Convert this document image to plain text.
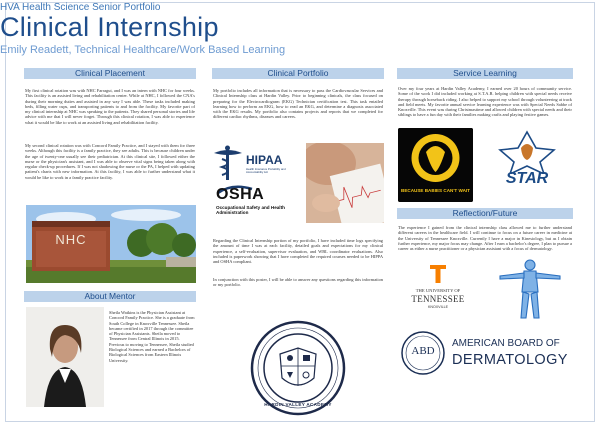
HVA Health Science Senior Portfolio
Clinical Internship
Emily Readett, Technical Healthcare/Work Based Learning
Clinical Placement
My first clinical rotation was with NHC Farragut, and I was an intern with NHC for four weeks. This facility is an assisted living and rehabilitation center. While at NHC, I followed the CNA's during their morning duties and assisted in any way I was able. These tasks included making beds, filling water cups, and transporting patients to and from the facility. My favorite part of my clinical internship at NHC was speaking to the patients. They shared personal stories and life advice with me that I will never forget. Through this clinical rotation, I was able to experience what it would be like to work at an assisted living and rehabilitation facility.
My second clinical rotation was with Concord Family Practice, and I stayed with them for three weeks. Although this facility is a family practice, they see adults. This is because children under the age of twenty-one usually see their pediatrician. At this clinical site, I followed either the nurse or the physician's assistant, and I was able to observe vital signs being taken along with regular check-up procedures. If I was not shadowing the nurse or the PA, I helped with updating patient's charts with new information. At this facility, I was able to further understand what it would be like to work in a family practice facility.
NHC
About Mentor
Sheila Watkins is the Physician Assistant at Concord Family Practice. She is a graduate from South College in Knoxville Tennessee. Sheila became certified in 2017 through the committee of Physician Assistants. Sheila moved to Tennessee from Central Illinois in 2015. Previous to moving to Tennessee, Sheila studied Biological Sciences and earned a Bachelors of Biological Sciences from Eastern Illinois University.
Clinical Portfolio
My portfolio includes all information that is necessary to pass the Cardiovascular Services and Clinical Internship class at Hardin Valley. Prior to beginning clinicals, the class focused on preparing for the Electrocardiogram (EKG) Technician certification test. This task entailed learning how to perform an EKG, how to read an EKG, and determine a diagnosis associated with the EKG results. My portfolio also contains projects and reports that we completed for different cardiac rhythms, diseases and careers.
HIPAA
Health Insurance Portability and Accountability Act
OSHA
Occupational Safety and Health Administration
Regarding the Clinical Internship portion of my portfolio, I have included time logs specifying the amount of time I was at each facility, detailed goals and expectations for my clinical experience, a self-evaluation, supervisor evaluation, and WBL coordinator evaluations. Also included is paperwork showing that I have completed the required courses needed to be HIPPA and OSHA compliant.
In conjunction with this poster, I will be able to answer any questions regarding this information or my portfolio.
HARDIN VALLEY ACADEMY
Service Learning
Over my four years at Hardin Valley Academy, I earned over 20 hours of community service. Some of the work I did included working at S.T.A.R. helping children with special needs receive therapy through horseback riding. I also helped to support my school through volunteering at track and field meets. My favorite annual service learning experience was with Special Needs Sabbe of Knoxville. This event was during Christmastime and allowed children with special needs and their siblings to have a fun day with their families making crafts and playing festive games.
BECAUSE BABIES CAN'T WAIT
STAR
Reflection/Future
The experience I gained from the clinical internship class allowed me to further understand different careers in the healthcare field. I will continue to focus on a future career in medicine at the University of Tennessee Knoxville. Currently I have a major in Kinesiology, but as I obtain further experience, my major focus may change. After I earn a bachelor's degree, I plan to pursue a career as either a nurse practitioner or a physician assistant with a focus of dermatology.
THE UNIVERSITY OF
TENNESSEE
KNOXVILLE
ABD
AMERICAN BOARD OF
DERMATOLOGY
